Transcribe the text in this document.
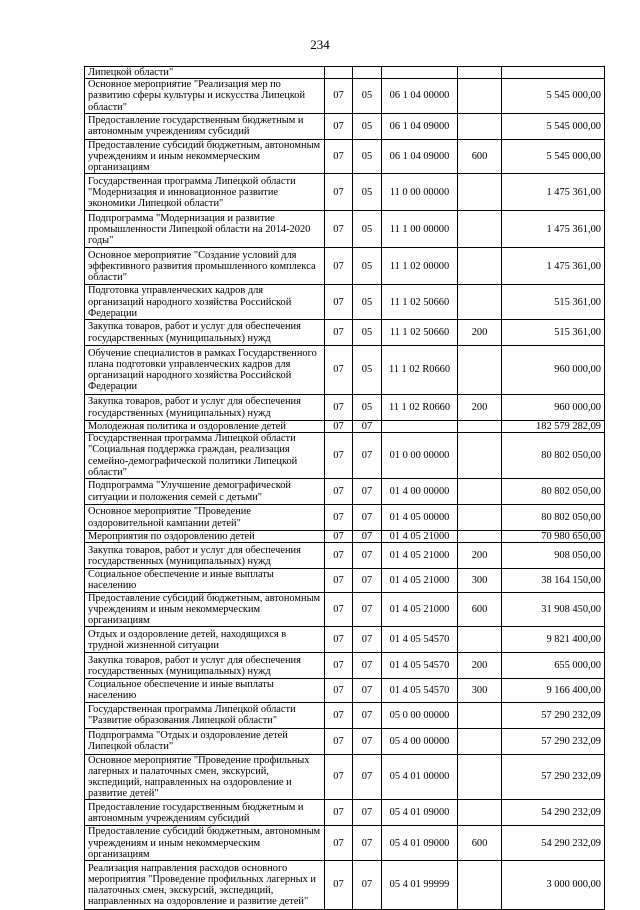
234
Липецкой области"					
Основное мероприятие "Реализация мер по развитию сферы культуры и искусства Липецкой области"	07	05	06 1 04 00000		5 545 000,00
Предоставление государственным бюджетным и автономным учреждениям субсидий	07	05	06 1 04 09000		5 545 000,00
Предоставление субсидий бюджетным, автономным учреждениям и иным некоммерческим организациям	07	05	06 1 04 09000	600	5 545 000,00
Государственная программа Липецкой области "Модернизация и инновационное развитие экономики Липецкой области"	07	05	11 0 00 00000		1 475 361,00
Подпрограмма "Модернизация и развитие промышленности Липецкой области на 2014-2020 годы"	07	05	11 1 00 00000		1 475 361,00
Основное мероприятие "Создание условий для эффективного развития промышленного комплекса области"	07	05	11 1 02 00000		1 475 361,00
Подготовка управленческих кадров для организаций народного хозяйства Российской Федерации	07	05	11 1 02 50660		515 361,00
Закупка товаров, работ и услуг для обеспечения государственных (муниципальных) нужд	07	05	11 1 02 50660	200	515 361,00
Обучение специалистов в рамках Государственного плана подготовки управленческих кадров для организаций народного хозяйства Российской Федерации	07	05	11 1 02 R0660		960 000,00
Закупка товаров, работ и услуг для обеспечения государственных (муниципальных) нужд	07	05	11 1 02 R0660	200	960 000,00
Молодежная политика и оздоровление детей	07	07			182 579 282,09
Государственная программа Липецкой области "Социальная поддержка граждан, реализация семейно-демографической политики Липецкой области"	07	07	01 0 00 00000		80 802 050,00
Подпрограмма "Улучшение демографической ситуации и положения семей с детьми"	07	07	01 4 00 00000		80 802 050,00
Основное мероприятие "Проведение оздоровительной кампании детей"	07	07	01 4 05 00000		80 802 050,00
Мероприятия по оздоровлению детей	07	07	01 4 05 21000		70 980 650,00
Закупка товаров, работ и услуг для обеспечения государственных (муниципальных) нужд	07	07	01 4 05 21000	200	908 050,00
Социальное обеспечение и иные выплаты населению	07	07	01 4 05 21000	300	38 164 150,00
Предоставление субсидий бюджетным, автономным учреждениям и иным некоммерческим организациям	07	07	01 4 05 21000	600	31 908 450,00
Отдых и оздоровление детей, находящихся в трудной жизненной ситуации	07	07	01 4 05 54570		9 821 400,00
Закупка товаров, работ и услуг для обеспечения государственных (муниципальных) нужд	07	07	01 4 05 54570	200	655 000,00
Социальное обеспечение и иные выплаты населению	07	07	01 4 05 54570	300	9 166 400,00
Государственная программа Липецкой области "Развитие образования Липецкой области"	07	07	05 0 00 00000		57 290 232,09
Подпрограмма "Отдых и оздоровление детей Липецкой области"	07	07	05 4 00 00000		57 290 232,09
Основное мероприятие "Проведение профильных лагерных и палаточных смен, экскурсий, экспедиций, направленных на оздоровление и развитие детей"	07	07	05 4 01 00000		57 290 232,09
Предоставление государственным бюджетным и автономным учреждениям субсидий	07	07	05 4 01 09000		54 290 232,09
Предоставление субсидий бюджетным, автономным учреждениям и иным некоммерческим организациям	07	07	05 4 01 09000	600	54 290 232,09
Реализация направления расходов основного мероприятия "Проведение профильных лагерных и палаточных смен, экскурсий, экспедиций, направленных на оздоровление и развитие детей"	07	07	05 4 01 99999		3 000 000,00
